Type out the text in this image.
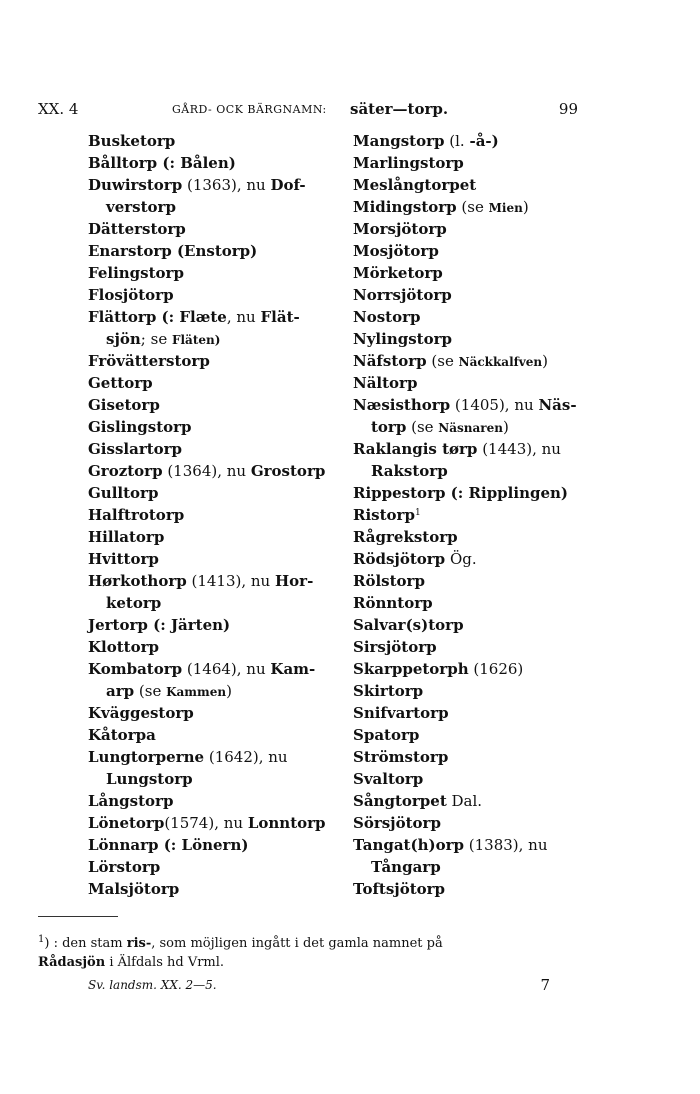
XX. 4	GÅRD- OCK BÄRGNAMN: säter—torp.	99
Busketorp
Bålltorp (: Bålen)
Duwirstorp (1363), nu Dof-
verstorp
Dätterstorp
Enarstorp (Enstorp)
Felingstorp
Flosjötorp
Flättorp (: Flæte, nu Flät-
sjön; se Fläten)
Frövätterstorp
Gettorp
Gisetorp
Gislingstorp
Gisslartorp
Groztorp (1364), nu Grostorp
Gulltorp
Halftrotorp
Hillatorp
Hvittorp
Hørkothorp (1413), nu Hor-
ketorp
Jertorp (: Järten)
Klottorp
Kombatorp (1464), nu Kam-
arp (se Kammen)
Kväggestorp
Kåtorpa
Lungtorperne (1642), nu
Lungstorp
Långstorp
Lönetorp(1574), nu Lonntorp
Lönnarp (: Lönern)
Lörstorp
Malsjötorp
Mangstorp (l. -å-)
Marlingstorp
Meslångtorpet
Midingstorp (se Mien)
Morsjötorp
Mosjötorp
Mörketorp
Norrsjötorp
Nostorp
Nylingstorp
Näfstorp (se Näckkalfven)
Nältorp
Næsisthorp (1405), nu Näs-
torp (se Näsnaren)
Raklangis tørp (1443), nu
Rakstorp
Rippestorp (: Ripplingen)
Ristorp$^1$
Rågrekstorp
Rödsjötorp Ög.
Rölstorp
Rönntorp
Salvar(s)torp
Sirsjötorp
Skarppetorph (1626)
Skirtorp
Snifvartorp
Spatorp
Strömstorp
Svaltorp
Sångtorpet Dal.
Sörsjötorp
Tangat(h)orp (1383), nu
Tångarp
Toftsjötorp
$^1$) : den stam ris-, som möjligen ingått i det gamla namnet på
Rådasjön i Älfdals hd Vrml.
Sv. landsm. XX. 2—5.	7
